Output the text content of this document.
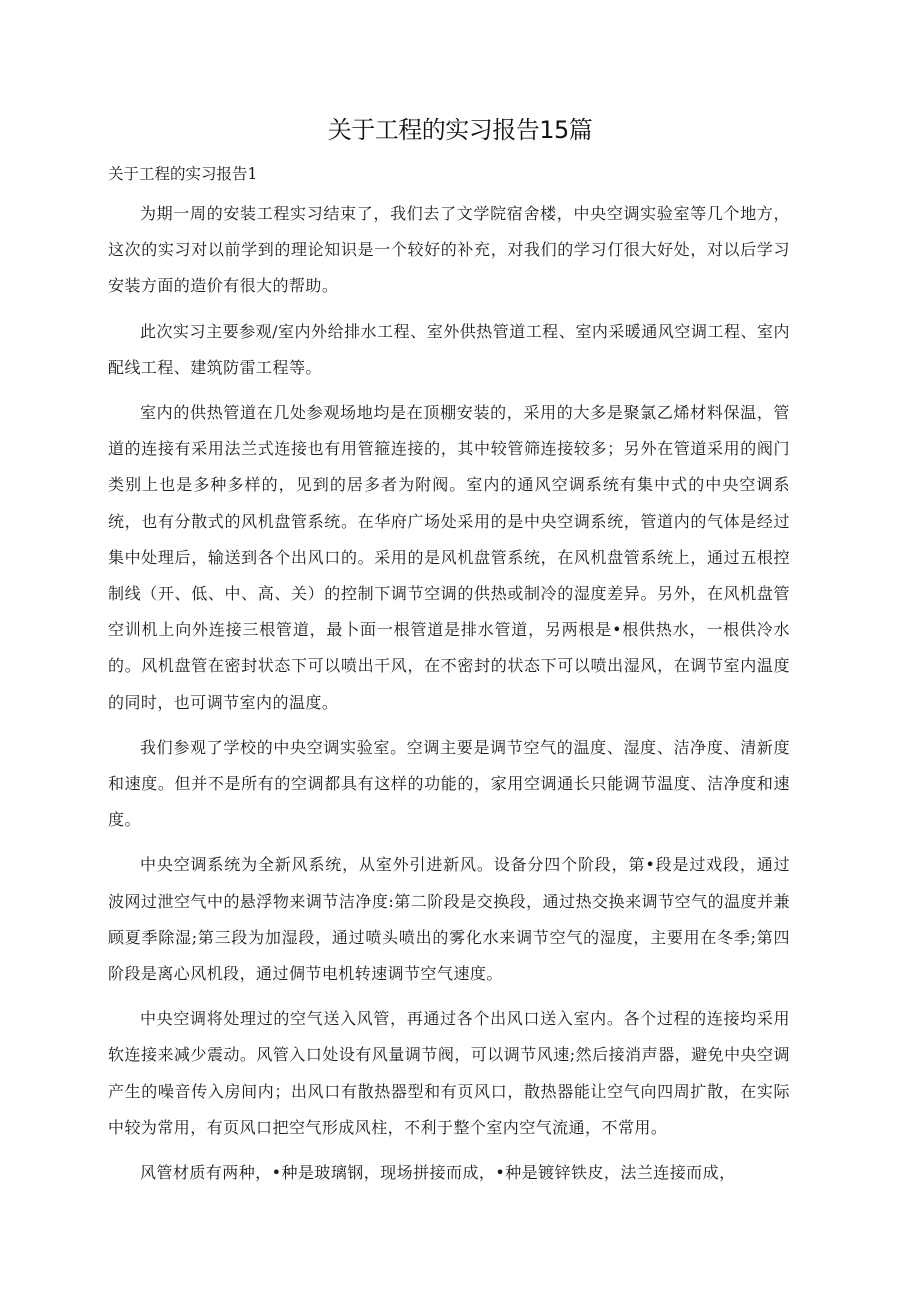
关于工程的实习报告15篇
关于工程的实习报告1

为期一周的安装工程实习结束了，我们去了文学院宿舍楼，中央空调实验室等几个地方，这次的实习对以前学到的理论知识是一个较好的补充，对我们的学习仃很大好处，对以后学习安装方面的造价有很大的帮助。

此次实习主要参观/室内外给排水工程、室外供热管道工程、室内采暖通风空调工程、室内配线工程、建筑防雷工程等。

室内的供热管道在几处参观场地均是在顶棚安装的，采用的大多是聚氯乙烯材料保温，管道的连接有采用法兰式连接也有用管箍连接的，其中较管筛连接较多；另外在管道采用的阀门类别上也是多种多样的，见到的居多者为附阀。室内的通风空调系统有集中式的中央空调系统，也有分散式的风机盘管系统。在华府广场处采用的是中央空调系统，管道内的气体是经过集中处理后，输送到各个出风口的。采用的是风机盘管系统，在风机盘管系统上，通过五根控制线（开、低、中、高、关）的控制下调节空调的供热或制冷的湿度差异。另外，在风机盘管空训机上向外连接三根管道，最卜面一根管道是排水管道，另两根是•根供热水，一根供冷水的。风机盘管在密封状态下可以喷出干风，在不密封的状态下可以喷出湿风，在调节室内温度的同时，也可调节室内的温度。

我们参观了学校的中央空调实验室。空调主要是调节空气的温度、湿度、洁净度、清新度和速度。但并不是所有的空调都具有这样的功能的，家用空调通长只能调节温度、洁净度和速度。

中央空调系统为全新风系统，从室外引进新风。设备分四个阶段，第•段是过戏段，通过波网过泄空气中的悬浮物来调节洁净度:第二阶段是交换段，通过热交换来调节空气的温度并兼顾夏季除湿;第三段为加湿段，通过喷头喷出的雾化水来调节空气的湿度，主要用在冬季;第四阶段是离心风机段，通过倜节电机转速调节空气速度。

中央空调将处理过的空气送入风管，再通过各个出风口送入室内。各个过程的连接均采用软连接来减少震动。风管入口处设有风量调节阀，可以调节风速;然后接消声器，避免中央空调产生的噪音传入房间内；出风口有散热器型和有页风口，散热器能让空气向四周扩散，在实际中较为常用，有页风口把空气形成风柱，不利于整个室内空气流通，不常用。

风管材质有两种，•种是玻璃钢，现场拼接而成，•种是镀锌铁皮，法兰连接而成，
